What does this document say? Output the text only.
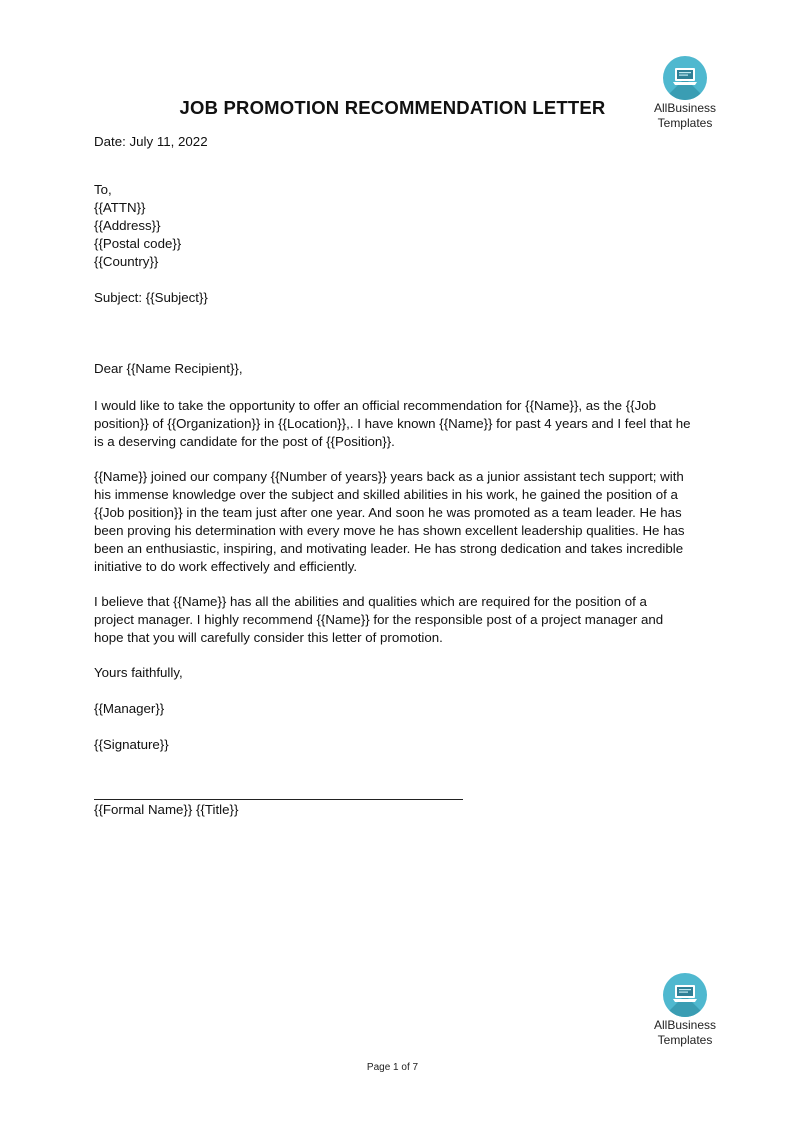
AllBusiness
Templates
JOB PROMOTION RECOMMENDATION LETTER
Date: July 11, 2022
To,
{{ATTN}}
{{Address}}
{{Postal code}}
{{Country}}
Subject: {{Subject}}
Dear {{Name Recipient}},
I would like to take the opportunity to offer an official recommendation for {{Name}}, as the {{Job
position}} of {{Organization}} in {{Location}},. I have known {{Name}} for past 4 years and I feel that he
is a deserving candidate for the post of {{Position}}.
{{Name}} joined our company {{Number of years}} years back as a junior assistant tech support; with
his immense knowledge over the subject and skilled abilities in his work, he gained the position of a
{{Job position}} in the team just after one year. And soon he was promoted as a team leader. He has
been proving his determination with every move he has shown excellent leadership qualities. He has
been an enthusiastic, inspiring, and motivating leader. He has strong dedication and takes incredible
initiative to do work effectively and efficiently.
I believe that {{Name}} has all the abilities and qualities which are required for the position of a
project manager. I highly recommend {{Name}} for the responsible post of a project manager and
hope that you will carefully consider this letter of promotion.
Yours faithfully,
{{Manager}}
{{Signature}}
{{Formal Name}} {{Title}}
AllBusiness
Templates
Page 1 of 7
